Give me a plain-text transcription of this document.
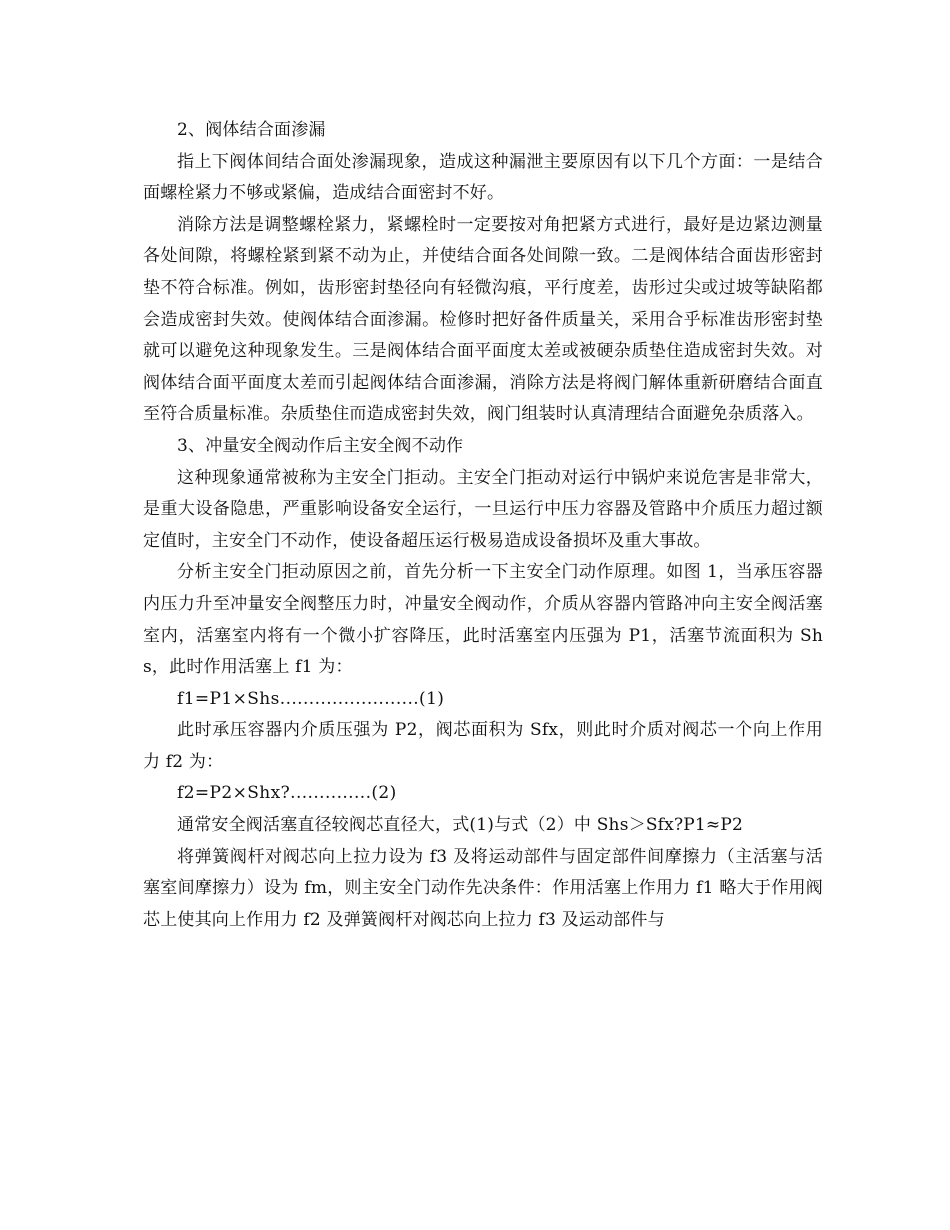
2、阀体结合面渗漏

指上下阀体间结合面处渗漏现象，造成这种漏泄主要原因有以下几个方面：一是结合面螺栓紧力不够或紧偏，造成结合面密封不好。

消除方法是调整螺栓紧力，紧螺栓时一定要按对角把紧方式进行，最好是边紧边测量各处间隙，将螺栓紧到紧不动为止，并使结合面各处间隙一致。二是阀体结合面齿形密封垫不符合标准。例如，齿形密封垫径向有轻微沟痕，平行度差，齿形过尖或过坡等缺陷都会造成密封失效。使阀体结合面渗漏。检修时把好备件质量关，采用合乎标准齿形密封垫就可以避免这种现象发生。三是阀体结合面平面度太差或被硬杂质垫住造成密封失效。对阀体结合面平面度太差而引起阀体结合面渗漏，消除方法是将阀门解体重新研磨结合面直至符合质量标准。杂质垫住而造成密封失效，阀门组装时认真清理结合面避免杂质落入。

3、冲量安全阀动作后主安全阀不动作

这种现象通常被称为主安全门拒动。主安全门拒动对运行中锅炉来说危害是非常大，是重大设备隐患，严重影响设备安全运行，一旦运行中压力容器及管路中介质压力超过额定值时，主安全门不动作，使设备超压运行极易造成设备损坏及重大事故。

分析主安全门拒动原因之前，首先分析一下主安全门动作原理。如图 1，当承压容器内压力升至冲量安全阀整压力时，冲量安全阀动作，介质从容器内管路冲向主安全阀活塞室内，活塞室内将有一个微小扩容降压，此时活塞室内压强为 P1，活塞节流面积为 Shs，此时作用活塞上 f1 为：

f1=P1×Shs........................(1)

此时承压容器内介质压强为 P2，阀芯面积为 Sfx，则此时介质对阀芯一个向上作用力 f2 为：

f2=P2×Shx?..............(2)

通常安全阀活塞直径较阀芯直径大，式(1)与式（2）中 Shs＞Sfx?P1≈P2

将弹簧阀杆对阀芯向上拉力设为 f3 及将运动部件与固定部件间摩擦力（主活塞与活塞室间摩擦力）设为 fm，则主安全门动作先决条件：作用活塞上作用力 f1 略大于作用阀芯上使其向上作用力 f2 及弹簧阀杆对阀芯向上拉力 f3 及运动部件与
